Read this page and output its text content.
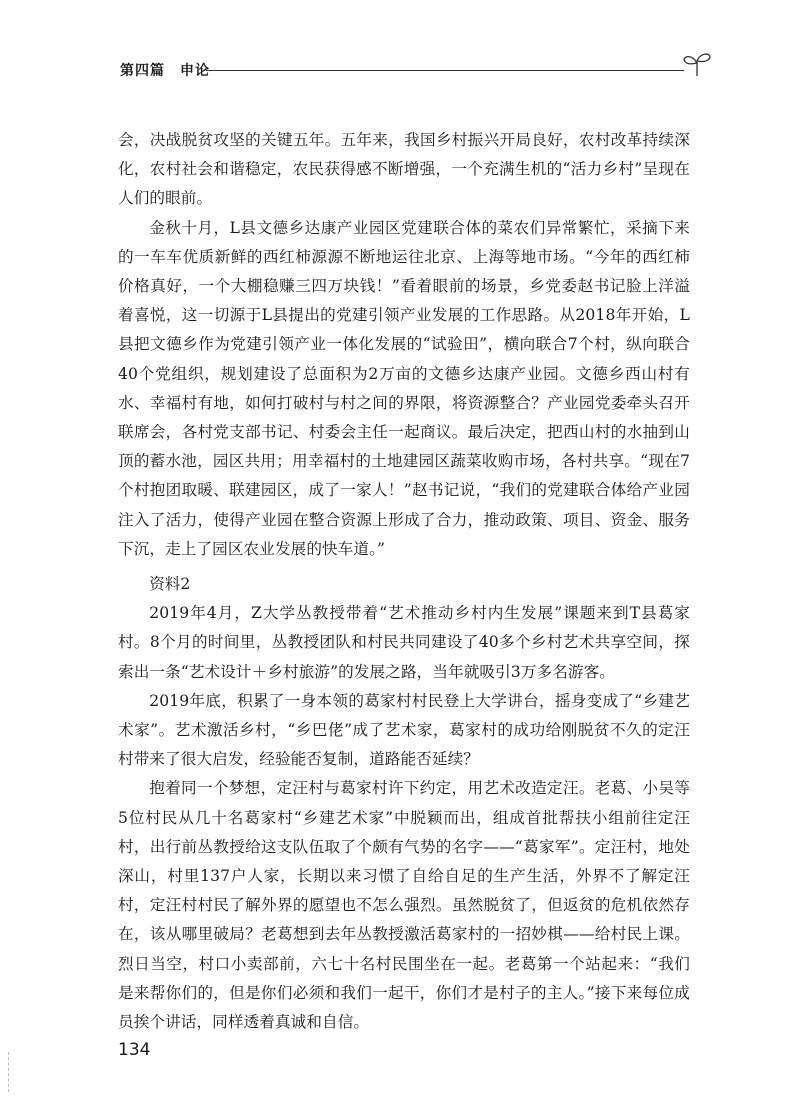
第四篇　申论

会，决战脱贫攻坚的关键五年。五年来，我国乡村振兴开局良好，农村改革持续深化，农村社会和谐稳定，农民获得感不断增强，一个充满生机的“活力乡村”呈现在人们的眼前。

金秋十月，L县文德乡达康产业园区党建联合体的菜农们异常繁忙，采摘下来的一车车优质新鲜的西红柿源源不断地运往北京、上海等地市场。“今年的西红柿价格真好，一个大棚稳赚三四万块钱！”看着眼前的场景，乡党委赵书记脸上洋溢着喜悦，这一切源于L县提出的党建引领产业发展的工作思路。从2018年开始，L县把文德乡作为党建引领产业一体化发展的“试验田”，横向联合7个村，纵向联合40个党组织，规划建设了总面积为2万亩的文德乡达康产业园。文德乡西山村有水、幸福村有地，如何打破村与村之间的界限，将资源整合？产业园党委牵头召开联席会，各村党支部书记、村委会主任一起商议。最后决定，把西山村的水抽到山顶的蓄水池，园区共用；用幸福村的土地建园区蔬菜收购市场，各村共享。“现在7个村抱团取暖、联建园区，成了一家人！”赵书记说，“我们的党建联合体给产业园注入了活力，使得产业园在整合资源上形成了合力，推动政策、项目、资金、服务下沉，走上了园区农业发展的快车道。”

资料2

2019年4月，Z大学丛教授带着“艺术推动乡村内生发展”课题来到T县葛家村。8个月的时间里，丛教授团队和村民共同建设了40多个乡村艺术共享空间，探索出一条“艺术设计＋乡村旅游”的发展之路，当年就吸引3万多名游客。

2019年底，积累了一身本领的葛家村村民登上大学讲台，摇身变成了“乡建艺术家”。艺术激活乡村，“乡巴佬”成了艺术家，葛家村的成功给刚脱贫不久的定汪村带来了很大启发，经验能否复制，道路能否延续？

抱着同一个梦想，定汪村与葛家村许下约定，用艺术改造定汪。老葛、小吴等5位村民从几十名葛家村“乡建艺术家”中脱颖而出，组成首批帮扶小组前往定汪村，出行前丛教授给这支队伍取了个颇有气势的名字——“葛家军”。定汪村，地处深山，村里137户人家，长期以来习惯了自给自足的生产生活，外界不了解定汪村，定汪村村民了解外界的愿望也不怎么强烈。虽然脱贫了，但返贫的危机依然存在，该从哪里破局？老葛想到去年丛教授激活葛家村的一招妙棋——给村民上课。烈日当空，村口小卖部前，六七十名村民围坐在一起。老葛第一个站起来：“我们是来帮你们的，但是你们必须和我们一起干，你们才是村子的主人。”接下来每位成员挨个讲话，同样透着真诚和自信。

134
